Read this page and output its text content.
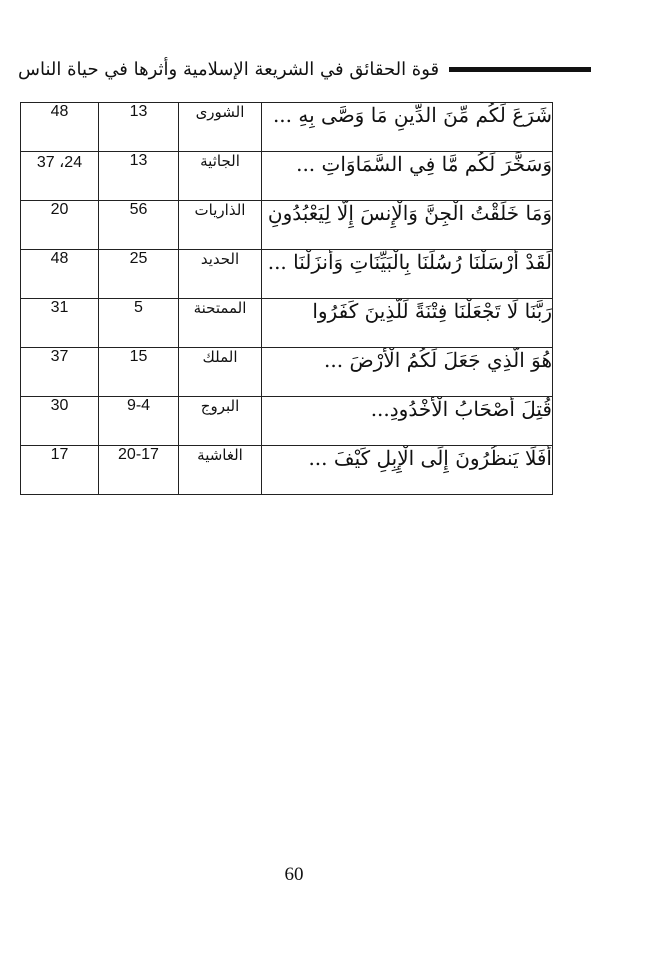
قوة الحقائق في الشريعة الإسلامية وأثرها في حياة الناس
48	13	الشورى	شَرَعَ لَكُم مِّنَ الدِّينِ مَا وَصَّى بِهِ ...
37 ،24	13	الجاثية	وَسَخَّرَ لَكُم مَّا فِي السَّمَاوَاتِ ...
20	56	الذاريات	وَمَا خَلَقْتُ الْجِنَّ وَالْإِنسَ إِلَّا لِيَعْبُدُونِ
48	25	الحديد	لَقَدْ أَرْسَلْنَا رُسُلَنَا بِالْبَيِّنَاتِ وَأَنزَلْنَا ...
31	5	الممتحنة	رَبَّنَا لَا تَجْعَلْنَا فِتْنَةً لِّلَّذِينَ كَفَرُوا
37	15	الملك	هُوَ الَّذِي جَعَلَ لَكُمُ الْأَرْضَ ...
30	9-4	البروج	قُتِلَ أَصْحَابُ الْأُخْدُودِ...
17	20-17	الغاشية	أَفَلَا يَنظُرُونَ إِلَى الْإِبِلِ كَيْفَ ...
60
